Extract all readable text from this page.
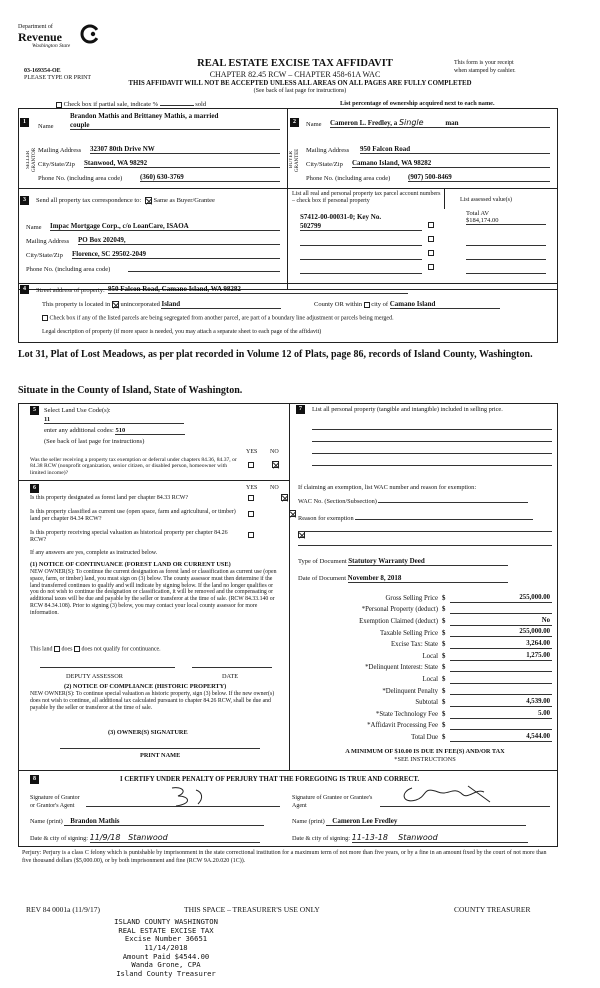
Department of
Revenue
Washington State
03-169354-OE
PLEASE TYPE OR PRINT
REAL ESTATE EXCISE TAX AFFIDAVIT
CHAPTER 82.45 RCW – CHAPTER 458-61A WAC
THIS AFFIDAVIT WILL NOT BE ACCEPTED UNLESS ALL AREAS ON ALL PAGES ARE FULLY COMPLETED
(See back of last page for instructions)
This form is your receipt
when stamped by cashier.
Check box if partial sale, indicate %	sold	List percentage of ownership acquired next to each name.
1
SELLER GRANTOR
Name
Brandon Mathis and Brittaney Mathis, a married
couple
Mailing Address 32307 80th Drive NW
City/State/Zip Stanwood, WA 98292
Phone No. (including area code)	(360) 630-3769
2
BUYER GRANTEE
Name Cameron L. Fredley, a Single	man
Mailing Address 950 Falcon Road
City/State/Zip Camano Island, WA 98282
Phone No. (including area code)	(907) 500-8469
3	Send all property tax correspondence to: Same as Buyer/Grantee
Name Impac Mortgage Corp., c/o LoanCare, ISAOA
Mailing Address PO Box 202049,
City/State/Zip Florence, SC 29502-2049
Phone No. (including area code)
List all real and personal property tax parcel account numbers – check box if personal property	List assessed value(s)
S7412-00-00031-0; Key No.
502799
Total AV
$184,174.00
4	Street address of property: 950 Falcon Road, Camano Island, WA 98282
This property is located in unincorporated Island	County OR within city of Camano Island
Check box if any of the listed parcels are being segregated from another parcel, are part of a boundary line adjustment or parcels being merged.
Legal description of property (if more space is needed, you may attach a separate sheet to each page of the affidavit)
Lot 31, Plat of Lost Meadows, as per plat recorded in Volume 12 of Plats, page 86, records of Island County, Washington.
Situate in the County of Island, State of Washington.
5	Select Land Use Code(s):
11
enter any additional codes: 510
(See back of last page for instructions)
YES NO
Was the seller receiving a property tax exemption or deferral under chapters 84.36, 84.37, or 84.38 RCW (nonprofit organization, senior citizen, or disabled person, homeowner with limited income)?

6	YES NO
Is this property designated as forest land per chapter 84.33 RCW?

Is this property classified as current use (open space, farm and agricultural, or timber) land per chapter 84.34 RCW?

Is this property receiving special valuation as historical property per chapter 84.26 RCW?
If any answers are yes, complete as instructed below.
(1) NOTICE OF CONTINUANCE (FOREST LAND OR CURRENT USE)
NEW OWNER(S): To continue the current designation as forest land or classification as current use (open space, farm, or timber) land, you must sign on (3) below. The county assessor must then determine if the land transferred continues to qualify and will indicate by signing below. If the land no longer qualifies or you do not wish to continue the designation or classification, it will be removed and the compensating or additional taxes will be due and payable by the seller or transferor at the time of sale. (RCW 84.33.140 or RCW 84.34.108). Prior to signing (3) below, you may contact your local county assessor for more information.
This land does does not qualify for continuance.
DEPUTY ASSESSOR	DATE
(2) NOTICE OF COMPLIANCE (HISTORIC PROPERTY)
NEW OWNER(S): To continue special valuation as historic property, sign (3) below. If the new owner(s) does not wish to continue, all additional tax calculated pursuant to chapter 84.26 RCW, shall be due and payable by the seller or transferor at the time of sale.
(3) OWNER(S) SIGNATURE
PRINT NAME
7	List all personal property (tangible and intangible) included in selling price.
If claiming an exemption, list WAC number and reason for exemption:
WAC No. (Section/Subsection)
Reason for exemption
Type of Document Statutory Warranty Deed
Date of Document November 8, 2018
Gross Selling Price $	255,000.00
*Personal Property (deduct) $
Exemption Claimed (deduct) $	No
Taxable Selling Price $	255,000.00
Excise Tax: State $	3,264.00
Local $	1,275.00
*Delinquent Interest: State $
Local $
*Delinquent Penalty $
Subtotal $	4,539.00
*State Technology Fee $	5.00
*Affidavit Processing Fee $
Total Due $	4,544.00
A MINIMUM OF $10.00 IS DUE IN FEE(S) AND/OR TAX
*SEE INSTRUCTIONS
8	I CERTIFY UNDER PENALTY OF PERJURY THAT THE FOREGOING IS TRUE AND CORRECT.
Signature of Grantor or Grantor's Agent
Name (print) Brandon Mathis
Date & city of signing: 11/9/18 Stanwood
Signature of Grantee or Grantee's Agent
Name (print) Cameron Lee Fredley
Date & city of signing: 11-13-18 Stanwood
Perjury: Perjury is a class C felony which is punishable by imprisonment in the state correctional institution for a maximum term of not more than five years, or by a fine in an amount fixed by the court of not more than five thousand dollars ($5,000.00), or by both imprisonment and fine (RCW 9A.20.020 (1C)).
REV 84 0001a (11/9/17)	THIS SPACE – TREASURER'S USE ONLY	COUNTY TREASURER
ISLAND COUNTY WASHINGTON
REAL ESTATE EXCISE TAX
Excise Number 36651
11/14/2018
Amount Paid $4544.00
Wanda Grone, CPA
Island County Treasurer
